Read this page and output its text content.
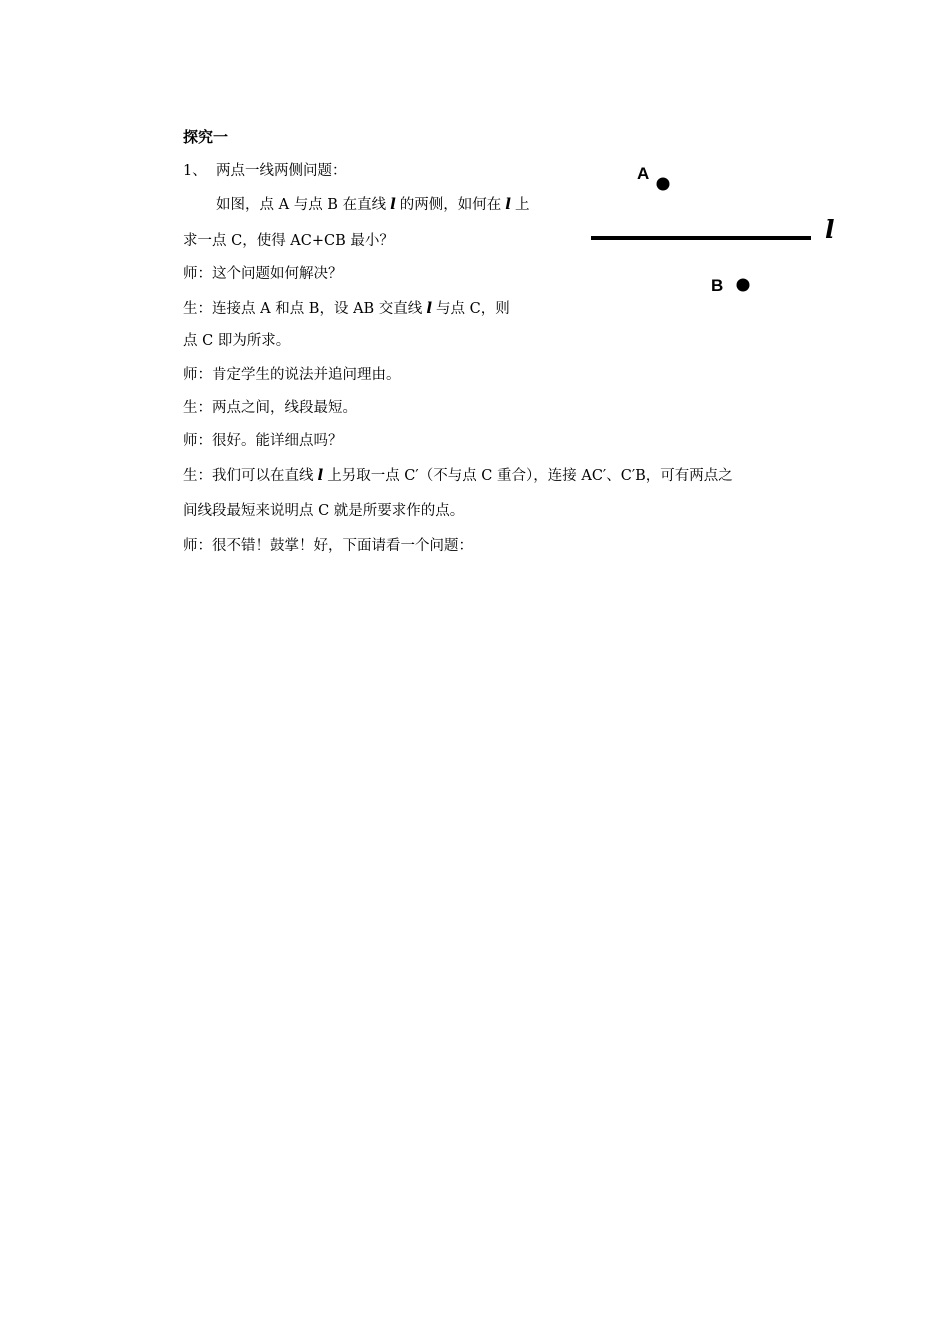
探究一
1、 两点一线两侧问题：
如图，点 A 与点 B 在直线 l 的两侧，如何在 l 上
求一点 C，使得 AC+CB 最小？
师：这个问题如何解决？
生：连接点 A 和点 B，设 AB 交直线 l 与点 C，则
点 C 即为所求。
师：肯定学生的说法并追问理由。
生：两点之间，线段最短。
师：很好。能详细点吗？
生：我们可以在直线 l 上另取一点 C′（不与点 C 重合），连接 AC′、C′B，可有两点之
间线段最短来说明点 C 就是所要求作的点。
师：很不错！鼓掌！好，下面请看一个问题：
A
l
B
